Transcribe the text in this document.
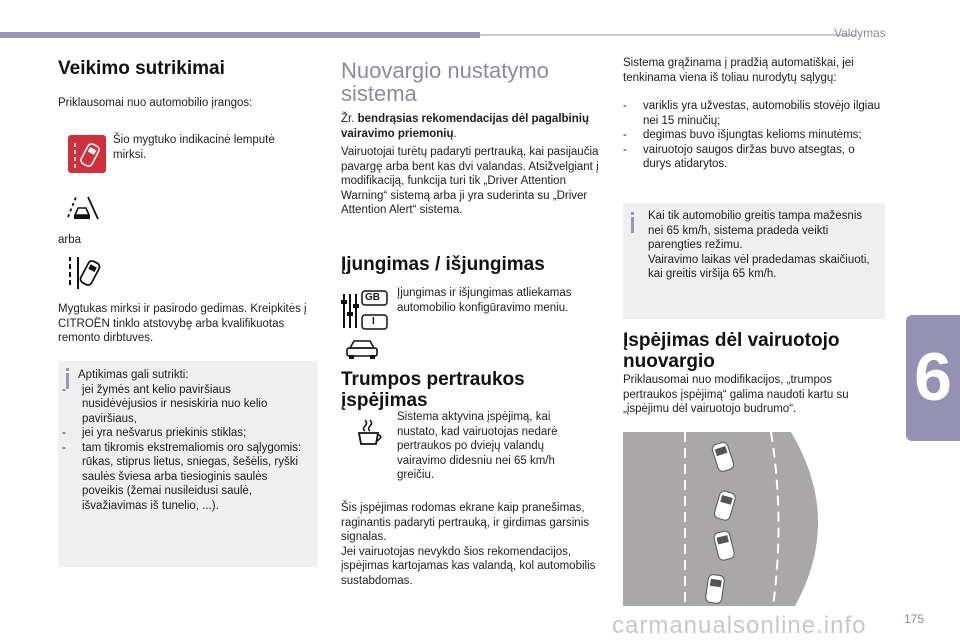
Valdymas
6
Veikimo sutrikimai

Priklausomai nuo automobilio įrangos:

Šio mygtuko indikacinė lemputė mirksi.

arba

Mygtukas mirksi ir pasirodo gedimas. Kreipkitės į CITROËN tinklo atstovybę arba kvalifikuotas remonto dirbtuves.

Aptikimas gali sutrikti:

- jei žymės ant kelio paviršiaus nusidėvėjusios ir nesiskiria nuo kelio paviršiaus,
- jei yra nešvarus priekinis stiklas;
- tam tikromis ekstremaliomis oro sąlygomis: rūkas, stiprus lietus, sniegas, šešėlis, ryški saulės šviesa arba tiesioginis saulės poveikis (žemai nusileidusi saulė, išvažiavimas iš tunelio, ...).
Nuovargio nustatymo
sistema

Žr. bendrąsias rekomendacijas dėl pagalbinių vairavimo priemonių.

Vairuotojai turėtų padaryti pertrauką, kai pasijaučia pavargę arba bent kas dvi valandas. Atsižvelgiant į modifikaciją, funkcija turi tik „Driver Attention Warning“ sistemą arba ji yra suderinta su „Driver Attention Alert“ sistema.

Įjungimas / išjungimas
GB
I

Įjungimas ir išjungimas atliekamas automobilio konfigūravimo meniu.

Trumpos pertraukos
įspėjimas

Sistema aktyvina įspėjimą, kai nustato, kad vairuotojas nedarė pertraukos po dviejų valandų vairavimo didesniu nei 65 km/h greičiu.

Šis įspėjimas rodomas ekrane kaip pranešimas, raginantis padaryti pertrauką, ir girdimas garsinis signalas.
Jei vairuotojas nevykdo šios rekomendacijos, įspėjimas kartojamas kas valandą, kol automobilis sustabdomas.

Sistema grąžinama į pradžią automatiškai, jei tenkinama viena iš toliau nurodytų sąlygų:

- variklis yra užvestas, automobilis stovėjo ilgiau nei 15 minučių;
- degimas buvo išjungtas kelioms minutėms;
- vairuotojo saugos diržas buvo atsegtas, o durys atidarytos.

Kai tik automobilio greitis tampa mažesnis nei 65 km/h, sistema pradeda veikti parengties režimu.
Vairavimo laikas vėl pradedamas skaičiuoti, kai greitis viršija 65 km/h.

Įspėjimas dėl vairuotojo
nuovargio

Priklausomai nuo modifikacijos, „trumpos pertraukos įspėjimą“ galima naudoti kartu su „įspėjimu dėl vairuotojo budrumo“.

carmanualsonline.info	175
